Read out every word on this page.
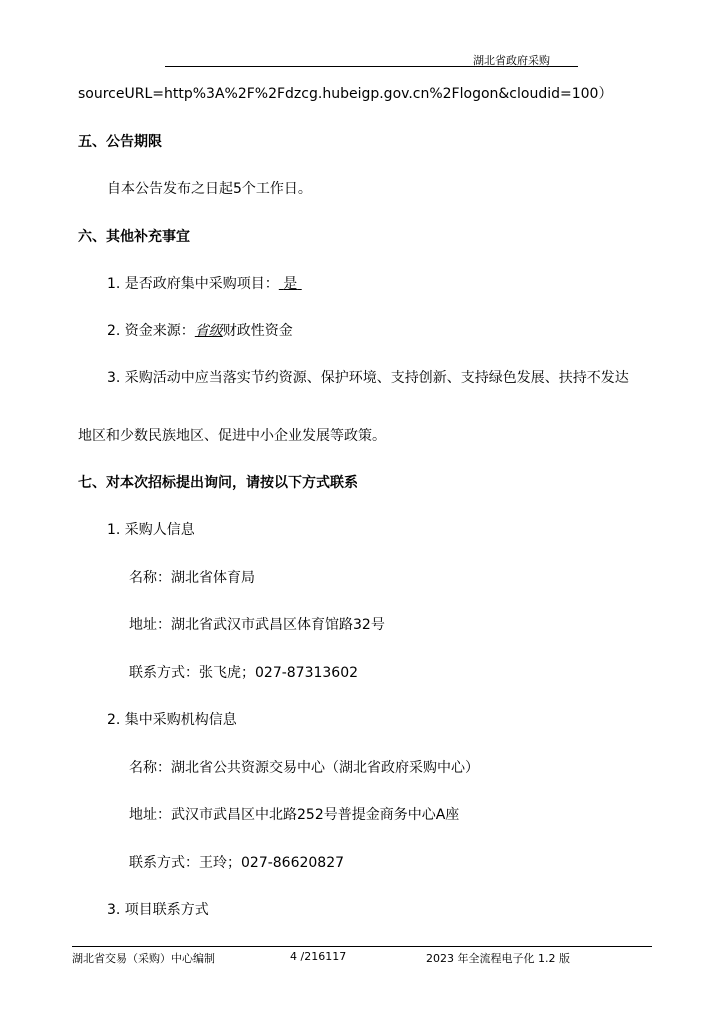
湖北省政府采购
sourceURL=http%3A%2F%2Fdzcg.hubeigp.gov.cn%2Flogon&cloudid=100）
五、公告期限
自本公告发布之日起5个工作日。
六、其他补充事宜
1. 是否政府集中采购项目： 是
2. 资金来源：省级财政性资金
3. 采购活动中应当落实节约资源、保护环境、支持创新、支持绿色发展、扶持不发达
地区和少数民族地区、促进中小企业发展等政策。
七、对本次招标提出询问，请按以下方式联系
1. 采购人信息
名称：湖北省体育局
地址：湖北省武汉市武昌区体育馆路32号
联系方式：张飞虎；027-87313602
2. 集中采购机构信息
名称：湖北省公共资源交易中心（湖北省政府采购中心）
地址：武汉市武昌区中北路252号普提金商务中心A座
联系方式：王玲；027-86620827
3. 项目联系方式
湖北省交易（采购）中心编制	4 /216117	2023 年全流程电子化 1.2 版
